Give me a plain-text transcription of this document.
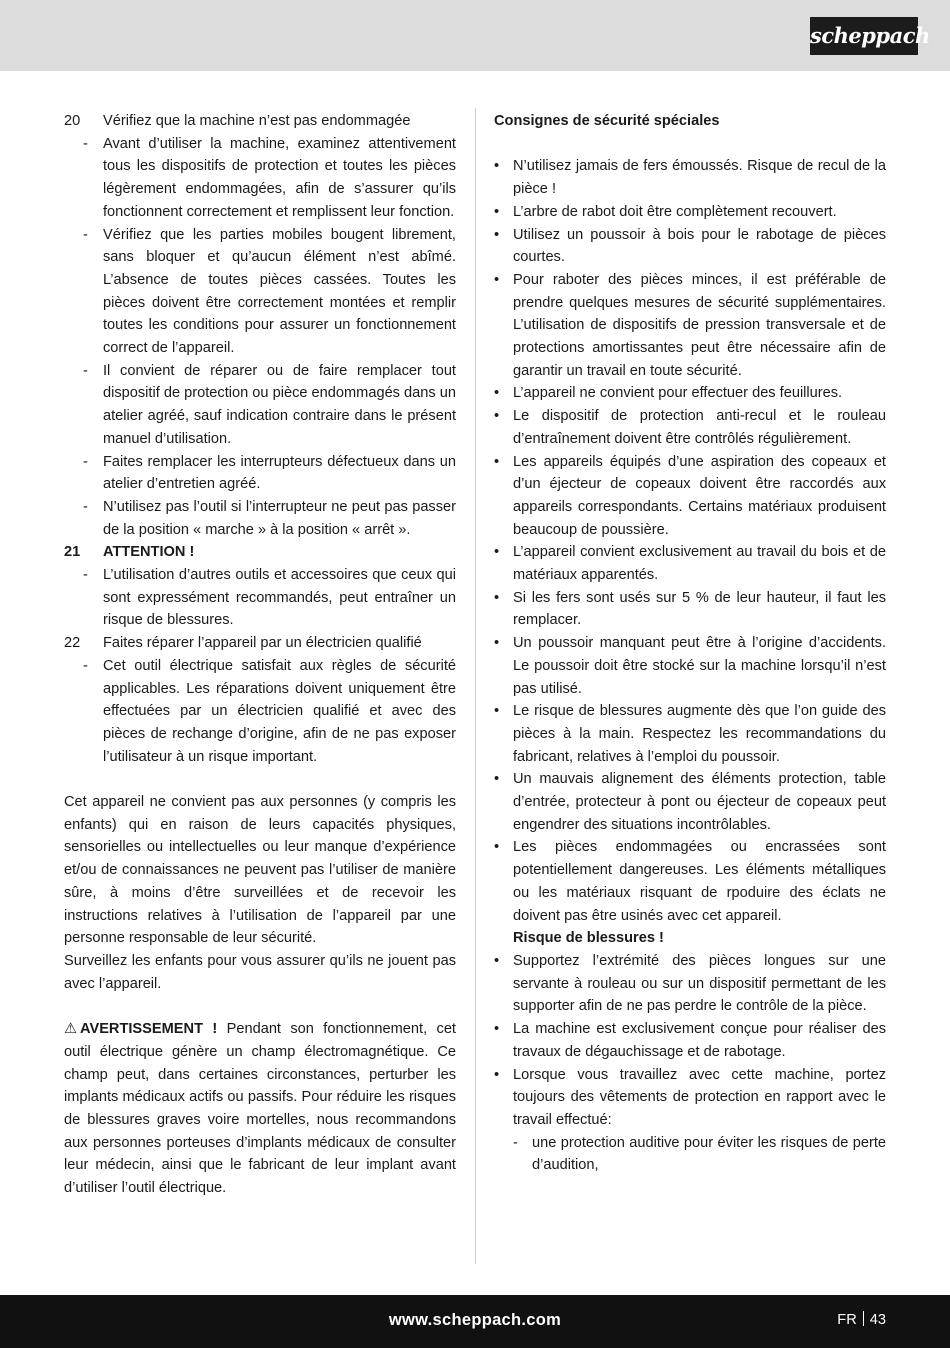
scheppach
20	Vérifiez que la machine n’est pas endommagée
- Avant d’utiliser la machine, examinez attentivement tous les dispositifs de protection et toutes les pièces légèrement endommagées, afin de s’assurer qu’ils fonctionnent correctement et remplissent leur fonction.
- Vérifiez que les parties mobiles bougent librement, sans bloquer et qu’aucun élément n’est abîmé. L’absence de toutes pièces cassées. Toutes les pièces doivent être correctement montées et remplir toutes les conditions pour assurer un fonctionnement correct de l’appareil.
- Il convient de réparer ou de faire remplacer tout dispositif de protection ou pièce endommagés dans un atelier agréé, sauf indication contraire dans le présent manuel d’utilisation.
- Faites remplacer les interrupteurs défectueux dans un atelier d’entretien agréé.
- N’utilisez pas l’outil si l’interrupteur ne peut pas passer de la position « marche » à la position « arrêt ».
21	ATTENTION !
- L’utilisation d’autres outils et accessoires que ceux qui sont expressément recommandés, peut entraîner un risque de blessures.
22	Faites réparer l’appareil par un électricien qualifié
- Cet outil électrique satisfait aux règles de sécurité applicables. Les réparations doivent uniquement être effectuées par un électricien qualifié et avec des pièces de rechange d’origine, afin de ne pas exposer l’utilisateur à un risque important.

Cet appareil ne convient pas aux personnes (y compris les enfants) qui en raison de leurs capacités physiques, sensorielles ou intellectuelles ou leur manque d’expérience et/ou de connaissances ne peuvent pas l’utiliser de manière sûre, à moins d’être surveillées et de recevoir les instructions relatives à l’utilisation de l’appareil par une personne responsable de leur sécurité.

Surveillez les enfants pour vous assurer qu’ils ne jouent pas avec l’appareil.

⚠ AVERTISSEMENT ! Pendant son fonctionnement, cet outil électrique génère un champ électromagnétique. Ce champ peut, dans certaines circonstances, perturber les implants médicaux actifs ou passifs. Pour réduire les risques de blessures graves voire mortelles, nous recommandons aux personnes porteuses d’implants médicaux de consulter leur médecin, ainsi que le fabricant de leur implant avant d’utiliser l’outil électrique.

Consignes de sécurité spéciales

• N’utilisez jamais de fers émoussés. Risque de recul de la pièce !
• L’arbre de rabot doit être complètement recouvert.
• Utilisez un poussoir à bois pour le rabotage de pièces courtes.
• Pour raboter des pièces minces, il est préférable de prendre quelques mesures de sécurité supplémentaires. L’utilisation de dispositifs de pression transversale et de protections amortissantes peut être nécessaire afin de garantir un travail en toute sécurité.
• L’appareil ne convient pour effectuer des feuillures.
• Le dispositif de protection anti-recul et le rouleau d’entraînement doivent être contrôlés régulièrement.
• Les appareils équipés d’une aspiration des copeaux et d’un éjecteur de copeaux doivent être raccordés aux appareils correspondants. Certains matériaux produisent beaucoup de poussière.
• L’appareil convient exclusivement au travail du bois et de matériaux apparentés.
• Si les fers sont usés sur 5 % de leur hauteur, il faut les remplacer.
• Un poussoir manquant peut être à l’origine d’accidents. Le poussoir doit être stocké sur la machine lorsqu’il n’est pas utilisé.
• Le risque de blessures augmente dès que l’on guide des pièces à la main. Respectez les recommandations du fabricant, relatives à l’emploi du poussoir.
• Un mauvais alignement des éléments protection, table d’entrée, protecteur à pont ou éjecteur de copeaux peut engendrer des situations incontrôlables.
• Les pièces endommagées ou encrassées sont potentiellement dangereuses. Les éléments métalliques ou les matériaux risquant de rpoduire des éclats ne doivent pas être usinés avec cet appareil.
Risque de blessures !
• Supportez l’extrémité des pièces longues sur une servante à rouleau ou sur un dispositif permettant de les supporter afin de ne pas perdre le contrôle de la pièce.
• La machine est exclusivement conçue pour réaliser des travaux de dégauchissage et de rabotage.
• Lorsque vous travaillez avec cette machine, portez toujours des vêtements de protection en rapport avec le travail effectué:
- une protection auditive pour éviter les risques de perte d’audition,
www.scheppach.com	FR 43
